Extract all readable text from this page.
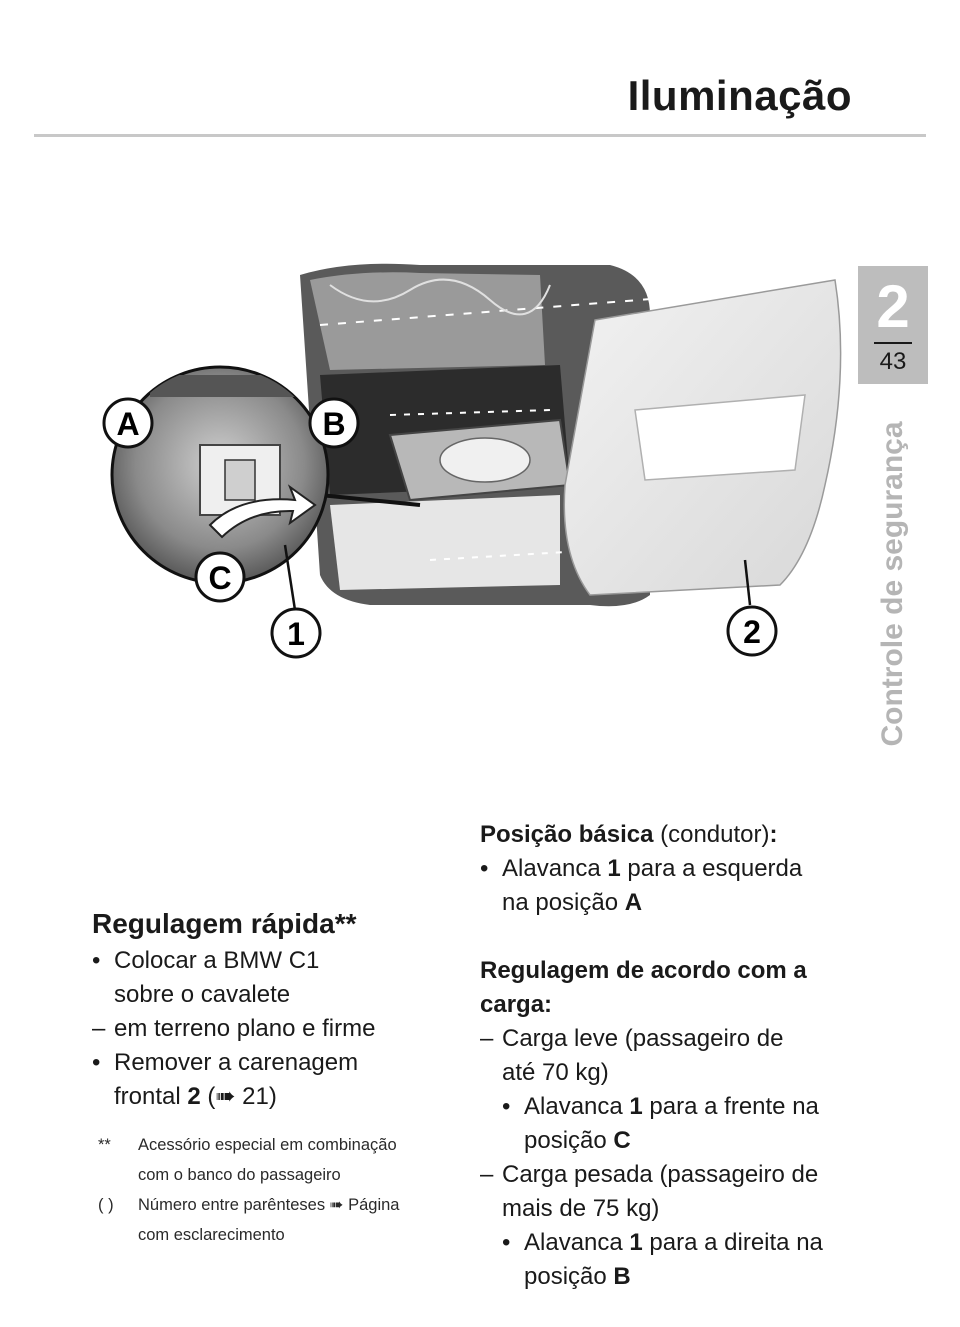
Iluminação
2
43
Controle de segurança
A	B
C
1	2
Regulagem rápida**
• Colocar a BMW C1
sobre o cavalete
– em terreno plano e firme
• Remover a carenagem
frontal 2 (➠ 21)
** Acessório especial em combinação
com o banco do passageiro
( ) Número entre parênteses ➠ Página
com esclarecimento
Posição básica (condutor):
• Alavanca 1 para a esquerda
na posição A
Regulagem de acordo com a
carga:
– Carga leve (passageiro de
até 70 kg)
• Alavanca 1 para a frente na
posição C
– Carga pesada (passageiro de
mais de 75 kg)
• Alavanca 1 para a direita na
posição B
